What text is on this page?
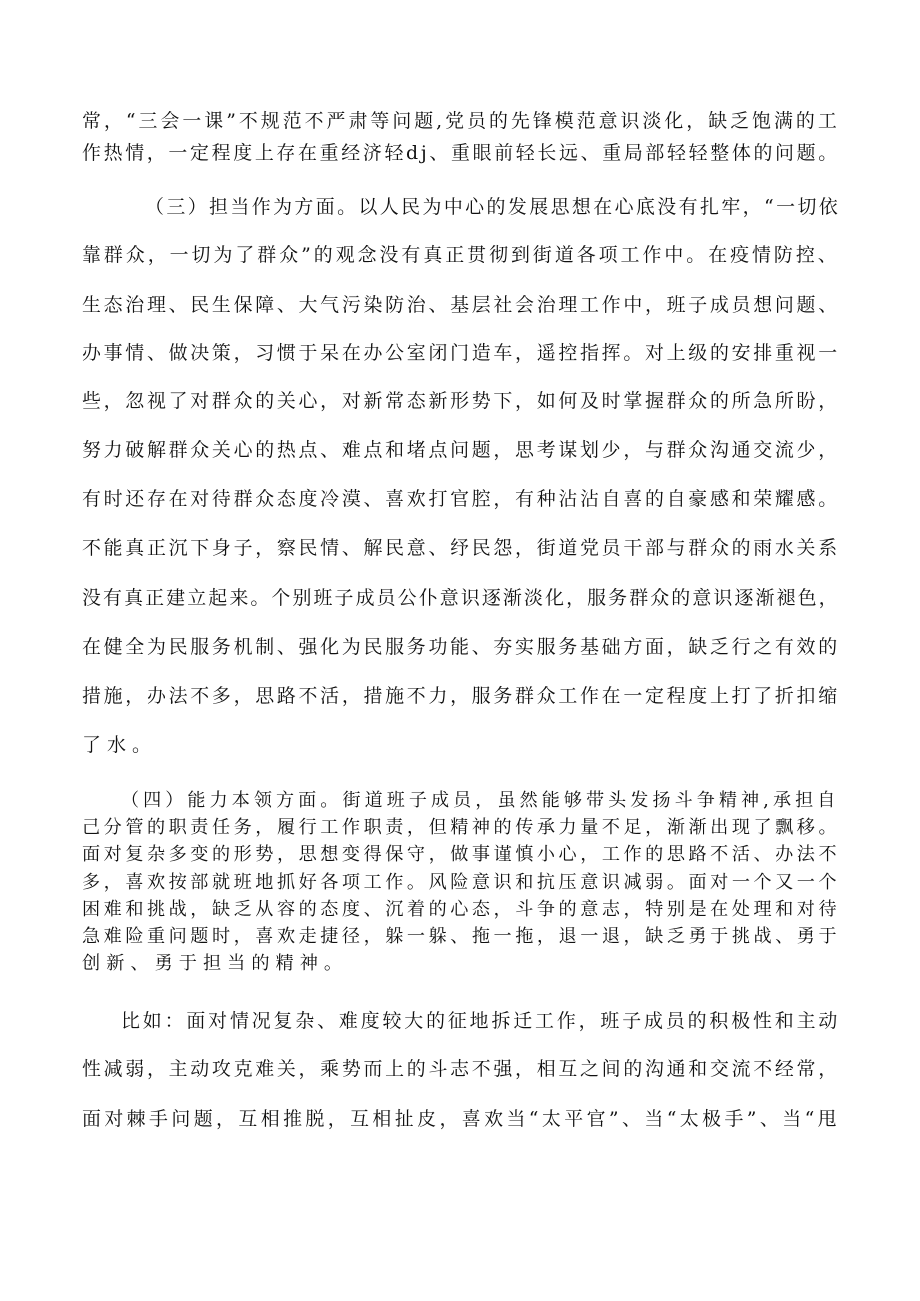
常，“三会一课”不规范不严肃等问题,党员的先锋模范意识淡化，缺乏饱满的工
作热情，一定程度上存在重经济轻dj、重眼前轻长远、重局部轻轻整体的问题。
（三）担当作为方面。以人民为中心的发展思想在心底没有扎牢，“一切依
靠群众，一切为了群众”的观念没有真正贯彻到街道各项工作中。在疫情防控、
生态治理、民生保障、大气污染防治、基层社会治理工作中，班子成员想问题、
办事情、做决策，习惯于呆在办公室闭门造车，遥控指挥。对上级的安排重视一
些，忽视了对群众的关心，对新常态新形势下，如何及时掌握群众的所急所盼，
努力破解群众关心的热点、难点和堵点问题，思考谋划少，与群众沟通交流少，
有时还存在对待群众态度冷漠、喜欢打官腔，有种沾沾自喜的自豪感和荣耀感。
不能真正沉下身子，察民情、解民意、纾民怨，街道党员干部与群众的雨水关系
没有真正建立起来。个别班子成员公仆意识逐渐淡化，服务群众的意识逐渐褪色，
在健全为民服务机制、强化为民服务功能、夯实服务基础方面，缺乏行之有效的
措施，办法不多，思路不活，措施不力，服务群众工作在一定程度上打了折扣缩
了水。
（四）能力本领方面。街道班子成员，虽然能够带头发扬斗争精神,承担自
己分管的职责任务，履行工作职责，但精神的传承力量不足，渐渐出现了飘移。
面对复杂多变的形势，思想变得保守，做事谨慎小心，工作的思路不活、办法不
多，喜欢按部就班地抓好各项工作。风险意识和抗压意识减弱。面对一个又一个
困难和挑战，缺乏从容的态度、沉着的心态，斗争的意志，特别是在处理和对待
急难险重问题时，喜欢走捷径，躲一躲、拖一拖，退一退，缺乏勇于挑战、勇于
创新、勇于担当的精神。
比如：面对情况复杂、难度较大的征地拆迁工作，班子成员的积极性和主动
性减弱，主动攻克难关，乘势而上的斗志不强，相互之间的沟通和交流不经常，
面对棘手问题，互相推脱，互相扯皮，喜欢当“太平官”、当“太极手”、当“甩
